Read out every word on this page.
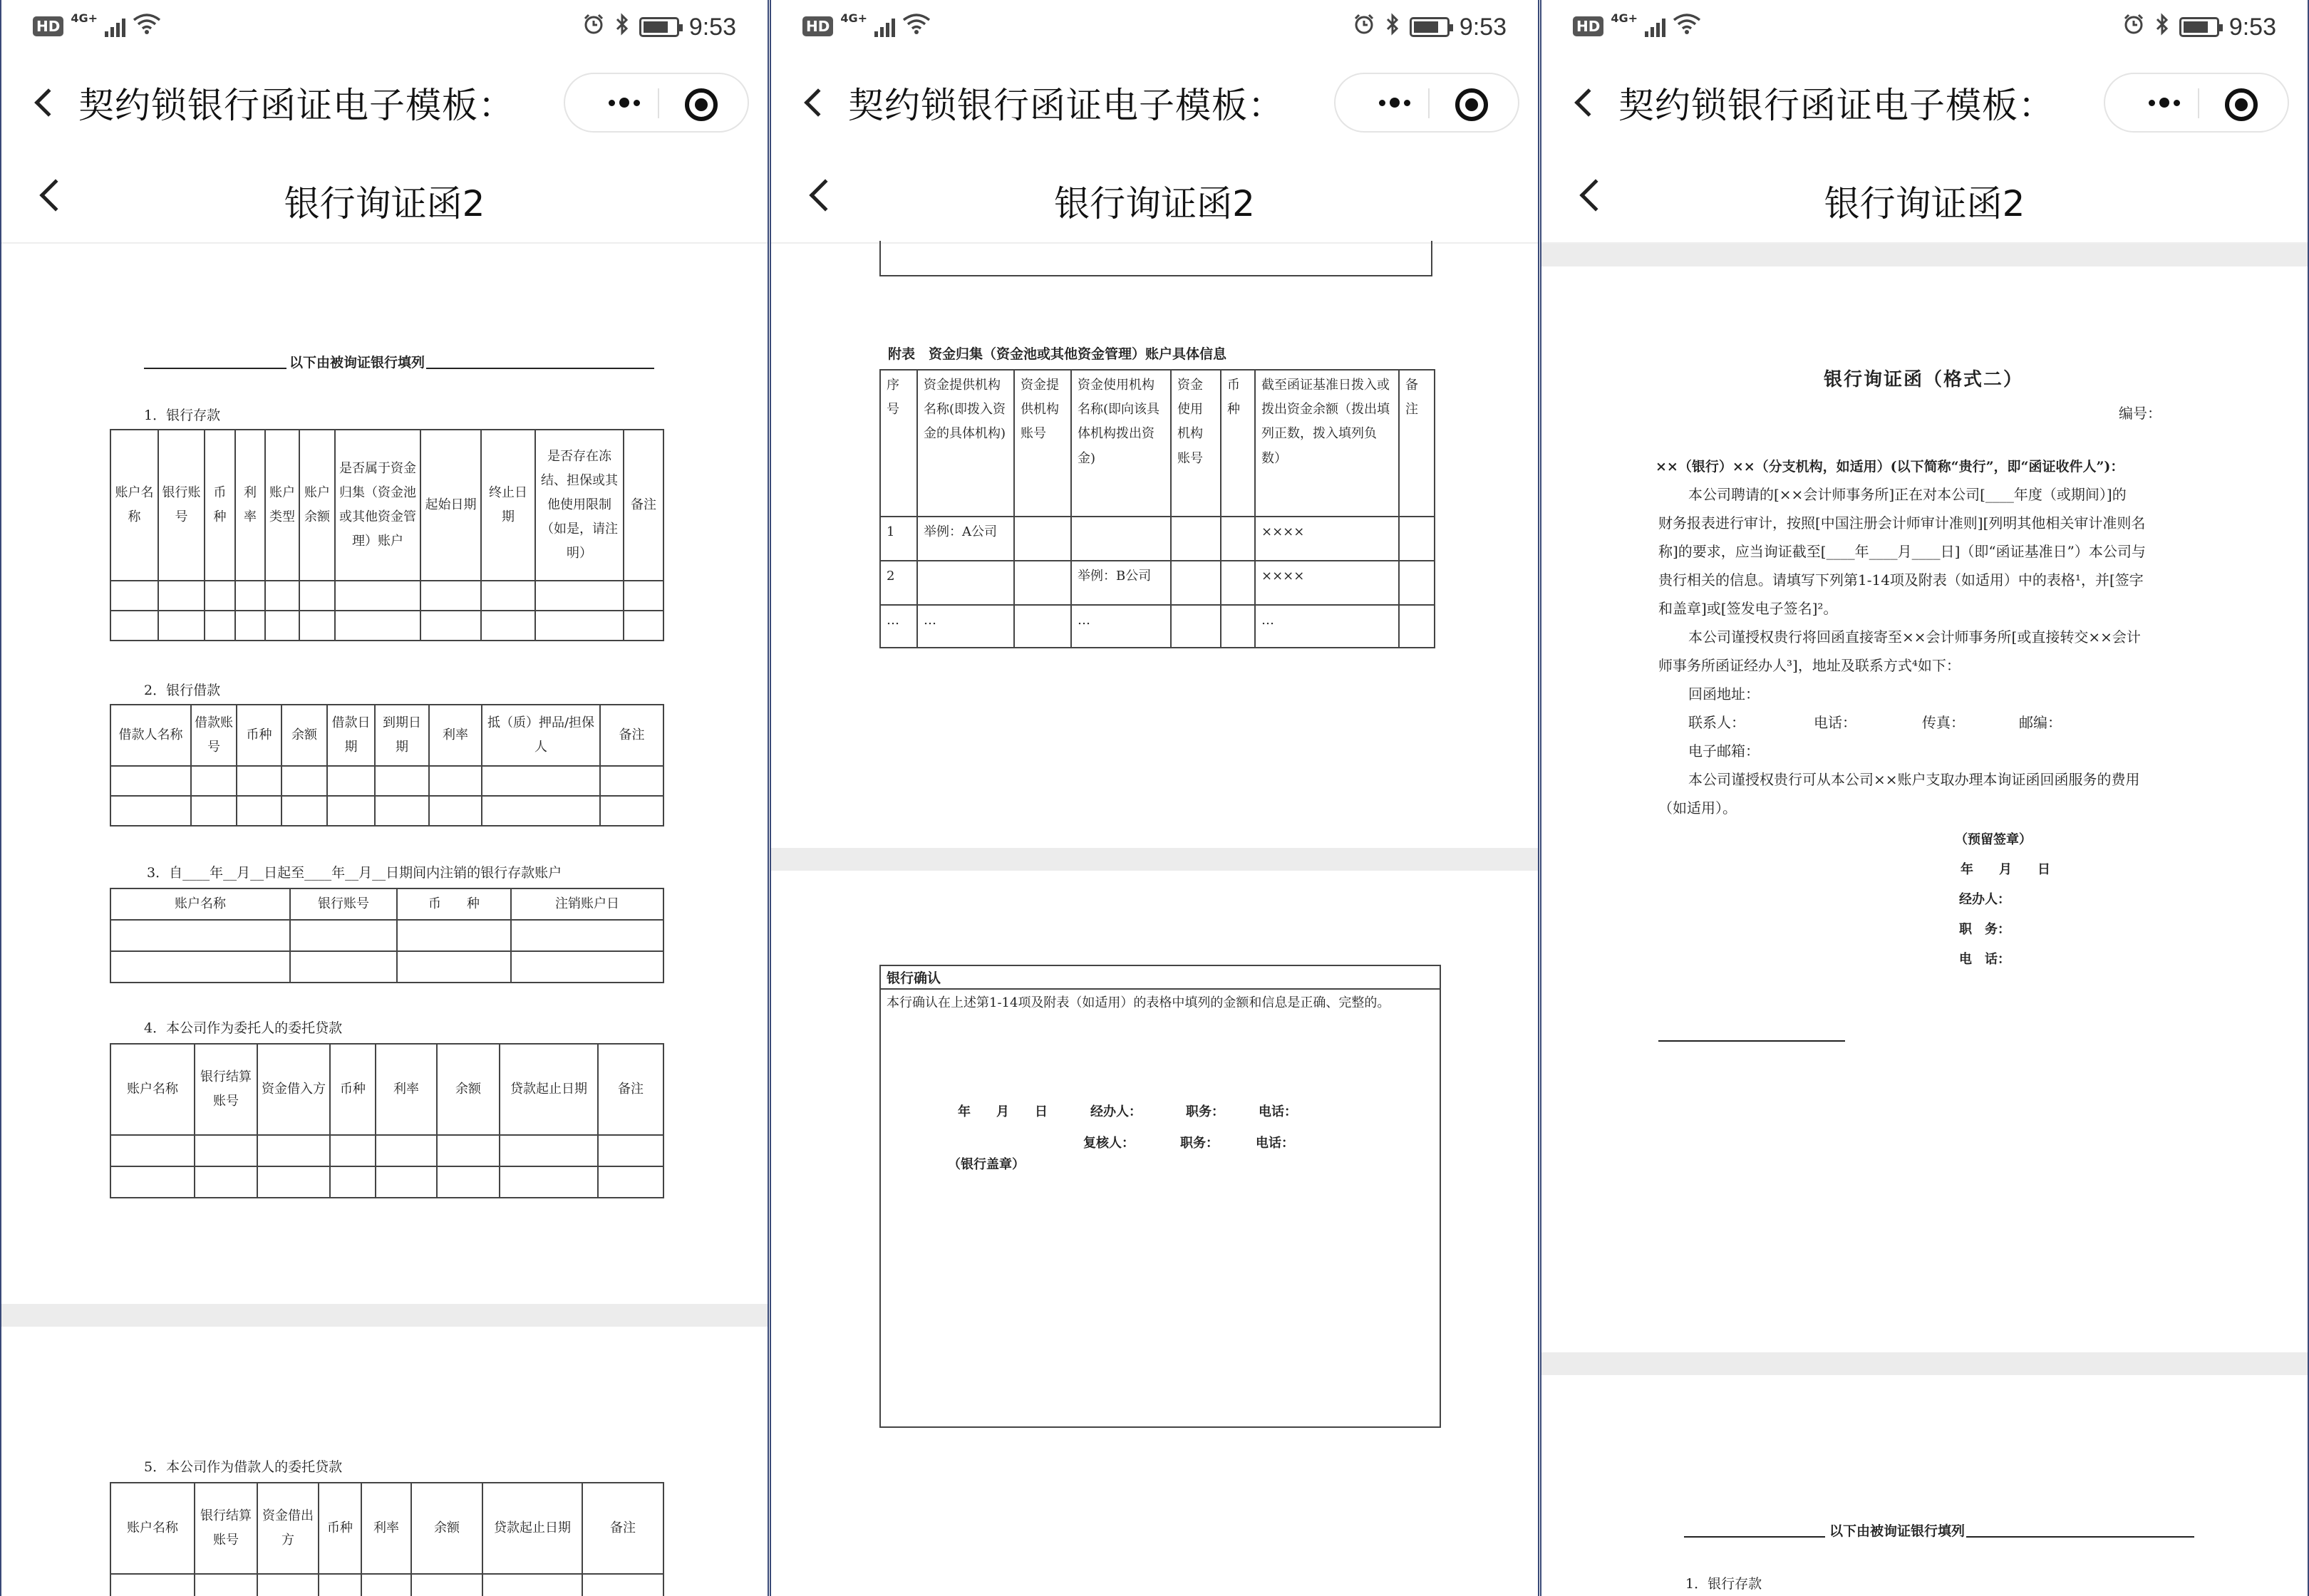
HD 4G+	9:53
契约锁银行函证电子模板：
银行询证函2
以下由被询证银行填列
1．银行存款
账户名称	银行账号	币种	利率	账户类型	账户余额	是否属于资金归集（资金池或其他资金管理）账户	起始日期	终止日期	是否存在冻结、担保或其他使用限制（如是，请注明）	备注

2．银行借款
借款人名称	借款账号	币种	余额	借款日期	到期日期	利率	抵（质）押品/担保人	备注

3．自____年__月__日起至____年__月__日期间内注销的银行存款账户
账户名称	银行账号	币　　种	注销账户日

4．本公司作为委托人的委托贷款
账户名称	银行结算账号	资金借入方	币种	利率	余额	贷款起止日期	备注

5．本公司作为借款人的委托贷款
账户名称	银行结算账号	资金借出方	币种	利率	余额	贷款起止日期	备注

HD 4G+	9:53
契约锁银行函证电子模板：
银行询证函2
附表　资金归集（资金池或其他资金管理）账户具体信息
序号	资金提供机构名称(即拨入资金的具体机构)	资金提供机构账号	资金使用机构名称(即向该具体机构拨出资金)	资金使用机构账号	币种	截至函证基准日拨入或拨出资金余额（拨出填列正数，拨入填列负数）	备注
1	举例：A公司					××××	
2			举例：B公司			××××	
…	…		…			…	
银行确认
本行确认在上述第1-14项及附表（如适用）的表格中填列的金额和信息是正确、完整的。
年　　月　　日	经办人：	职务：	电话：
复核人：	职务：	电话：
（银行盖章）
HD 4G+	9:53
契约锁银行函证电子模板：
银行询证函2
银行询证函（格式二）
编号：
××（银行）××（分支机构，如适用）(以下简称“贵行”，即“函证收件人”)：

本公司聘请的[××会计师事务所]正在对本公司[____年度（或期间）]的

财务报表进行审计，按照[中国注册会计师审计准则][列明其他相关审计准则名

称]的要求，应当询证截至[____年____月____日]（即“函证基准日”）本公司与

贵行相关的信息。请填写下列第1-14项及附表（如适用）中的表格¹，并[签字

和盖章]或[签发电子签名]²。

本公司谨授权贵行将回函直接寄至××会计师事务所[或直接转交××会计

师事务所函证经办人³]，地址及联系方式⁴如下：

回函地址：

联系人：	电话：	传真：	邮编：

电子邮箱：

本公司谨授权贵行可从本公司××账户支取办理本询证函回函服务的费用

（如适用）。

（预留签章）
年　　月　　日
经办人：
职　务：
电　话：
以下由被询证银行填列
1．银行存款
